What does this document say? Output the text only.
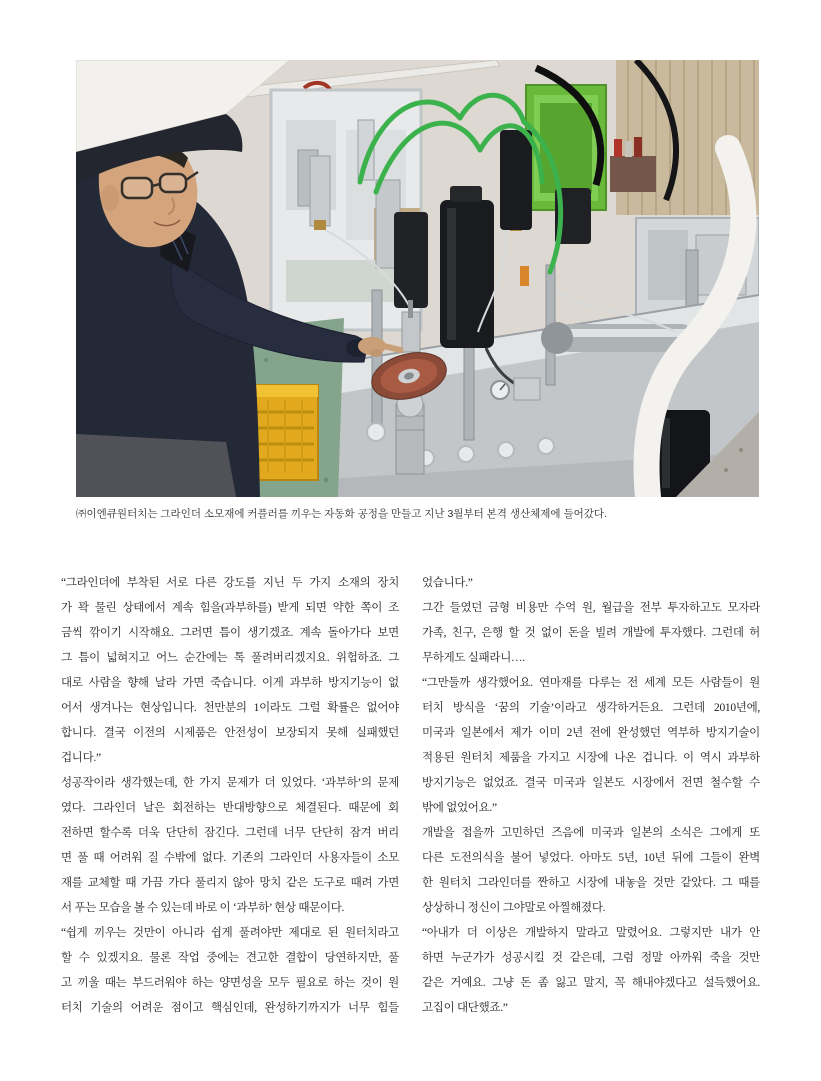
㈜이엔큐원터치는 그라인더 소모재에 커플러를 끼우는 자동화 공정을 만들고 지난 3월부터 본격 생산체제에 들어갔다.

“그라인더에 부착된 서로 다른 강도를 지닌 두 가지 소재의 장치
가 꽉 물린 상태에서 계속 힘을(과부하를) 받게 되면 약한 쪽이 조
금씩 깎이기 시작해요. 그러면 틈이 생기겠죠. 계속 돌아가다 보면
그 틈이 넓혀지고 어느 순간에는 톡 풀려버리겠지요. 위험하죠. 그
대로 사람을 향해 날라 가면 죽습니다. 이게 과부하 방지기능이 없
어서 생겨나는 현상입니다. 천만분의 1이라도 그럴 확률은 없어야
합니다. 결국 이전의 시제품은 안전성이 보장되지 못해 실패했던
겁니다.”
성공작이라 생각했는데, 한 가지 문제가 더 있었다. ‘과부하’의 문제
였다. 그라인더 날은 회전하는 반대방향으로 체결된다. 때문에 회
전하면 할수록 더욱 단단히 잠긴다. 그런데 너무 단단히 잠겨 버리
면 풀 때 어려워 질 수밖에 없다. 기존의 그라인더 사용자들이 소모
재를 교체할 때 가끔 가다 풀리지 않아 망치 같은 도구로 때려 가면
서 푸는 모습을 볼 수 있는데 바로 이 ‘과부하’ 현상 때문이다.
“쉽게 끼우는 것만이 아니라 쉽게 풀려야만 제대로 된 원터치라고
할 수 있겠지요. 물론 작업 중에는 견고한 결합이 당연하지만, 풀
고 끼울 때는 부드러워야 하는 양면성을 모두 필요로 하는 것이 원
터치 기술의 어려운 점이고 핵심인데, 완성하기까지가 너무 힘들
었습니다.”
그간 들였던 금형 비용만 수억 원, 월급을 전부 투자하고도 모자라
가족, 친구, 은행 할 것 없이 돈을 빌려 개발에 투자했다. 그런데 허
무하게도 실패라니….
“그만둘까 생각했어요. 연마재를 다루는 전 세계 모든 사람들이 원
터치 방식을 ‘꿈의 기술’이라고 생각하거든요. 그런데 2010년에,
미국과 일본에서 제가 이미 2년 전에 완성했던 역부하 방지기술이
적용된 원터치 제품을 가지고 시장에 나온 겁니다. 이 역시 과부하
방지기능은 없었죠. 결국 미국과 일본도 시장에서 전면 철수할 수
밖에 없었어요.”
개발을 접을까 고민하던 즈음에 미국과 일본의 소식은 그에게 또
다른 도전의식을 불어 넣었다. 아마도 5년, 10년 뒤에 그들이 완벽
한 원터치 그라인더를 짠하고 시장에 내놓을 것만 같았다. 그 때를
상상하니 정신이 그야말로 아찔해졌다.
“아내가 더 이상은 개발하지 말라고 말렸어요. 그렇지만 내가 안
하면 누군가가 성공시킬 것 같은데, 그럼 정말 아까워 죽을 것만
같은 거예요. 그냥 돈 좀 잃고 말지, 꼭 해내야겠다고 설득했어요.
고집이 대단했죠.”
